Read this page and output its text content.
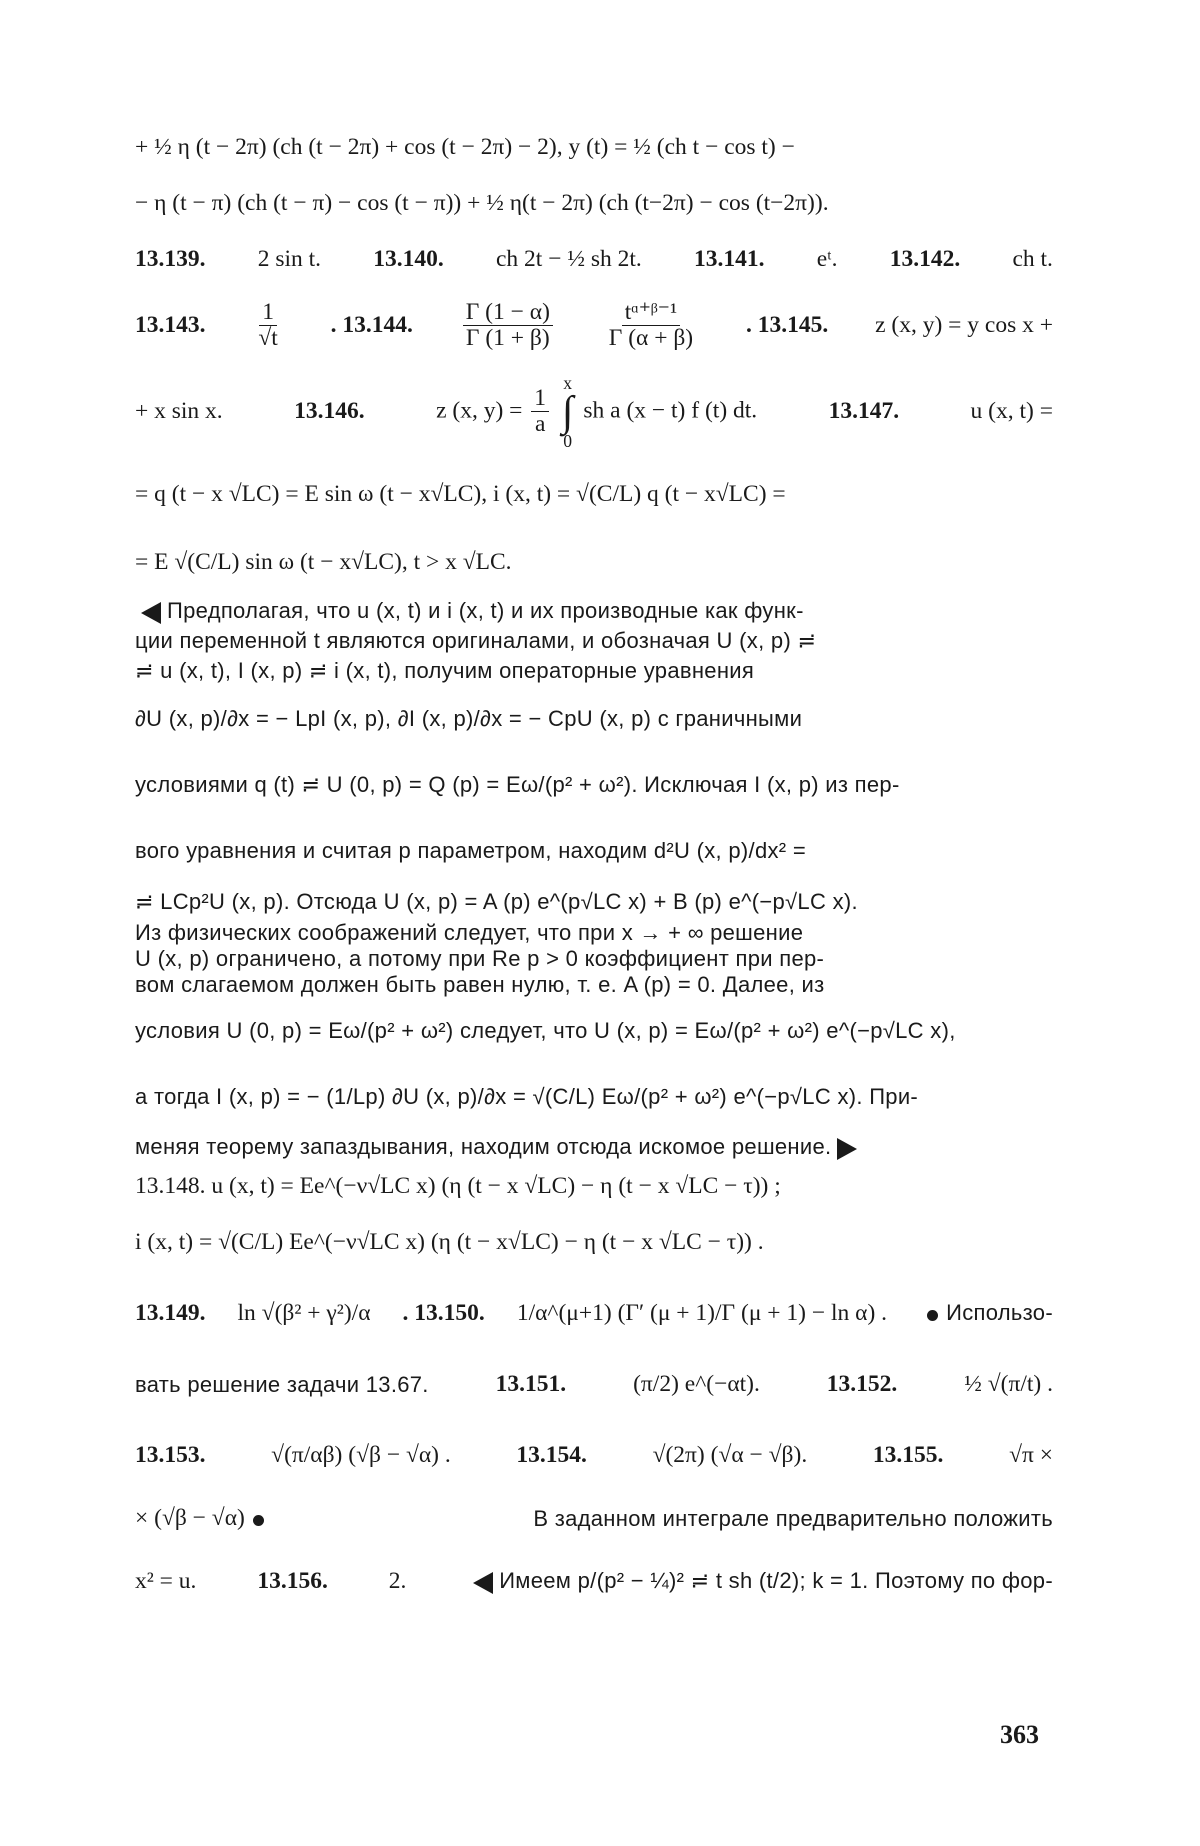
+ ½ η (t − 2π) (ch (t − 2π) + cos (t − 2π) − 2), y (t) = ½ (ch t − cos t) −
− η (t − π) (ch (t − π) − cos (t − π)) + ½ η(t − 2π) (ch (t−2π) − cos (t−2π)).
13.139. 2 sin t. 13.140. ch 2t − ½ sh 2t. 13.141. eᵗ. 13.142. ch t.
13.143. $\frac{1}{√t}$ . 13.144. $\frac{\Gamma (1 - \alpha)}{\Gamma (1 + \beta)} \frac{\text{tᵅ⁺ᵝ⁻¹}}{\Gamma (\alpha + \beta)}$ . 13.145. z (x, y) = y cos x +
+ x sin x.	13.146.	z (x, $y) = \frac{1}{a}$

x
∫
0
sh a (x − t) f (t) dt.	13.147.	u (x, t) =
= q (t − x √LC) = E sin ω (t − x√LC), i (x, t) = √(C/L) q (t − x√LC) =
= E √(C/L) sin ω (t − x√LC), t > x √LC.
Предполагая, что u (x, t) и i (x, t) и их производные как функ-
ции переменной t являются оригиналами, и обозначая U (x, p) ≓
≓ u (x, t), I (x, p) ≓ i (x, t), получим операторные уравнения
∂U (x, p)/∂x = − LpI (x, p), ∂I (x, p)/∂x = − CpU (x, p) с граничными
условиями q (t) ≓ U (0, p) = Q (p) = Eω/(p² + ω²). Исключая I (x, p) из пер-
вого уравнения и считая p параметром, находим d²U (x, p)/dx² =
≓ LCp²U (x, p). Отсюда U (x, p) = A (p) e^(p√LC x) + B (p) e^(−p√LC x).
Из физических соображений следует, что при x → + ∞ решение
U (x, p) ограничено, а потому при Re p > 0 коэффициент при пер-
вом слагаемом должен быть равен нулю, т. е. A (p) = 0. Далее, из
условия U (0, p) = Eω/(p² + ω²) следует, что U (x, p) = Eω/(p² + ω²) e^(−p√LC x),
а тогда I (x, p) = − (1/Lp) ∂U (x, p)/∂x = √(C/L) Eω/(p² + ω²) e^(−p√LC x). При-
меняя теорему запаздывания, находим отсюда искомое решение.
13.148. u (x, t) = Ee^(−ν√LC x) (η (t − x √LC) − η (t − x √LC − τ)) ;
i (x, t) = √(C/L) Ee^(−ν√LC x) (η (t − x√LC) − η (t − x √LC − τ)) .
13.149. ln √(β² + γ²)/α . 13.150. 1/α^(μ+1) (Γ′ (μ + 1)/Γ (μ + 1) − ln α) .	Использо-
вать решение задачи 13.67.	13.151.	(π/2) e^(−αt).	13.152.	½ √(π/t) .
13.153.	√(π/αβ) (√β − √α) .	13.154.	√(2π) (√α − √β).	13.155.	√π ×
× (√β − √α)	В заданном интеграле предварительно положить
x² = u.	13.156.	2.	Имеем p/(p² − ¼)² ≓ t sh (t/2); k = 1. Поэтому по фор-
363
